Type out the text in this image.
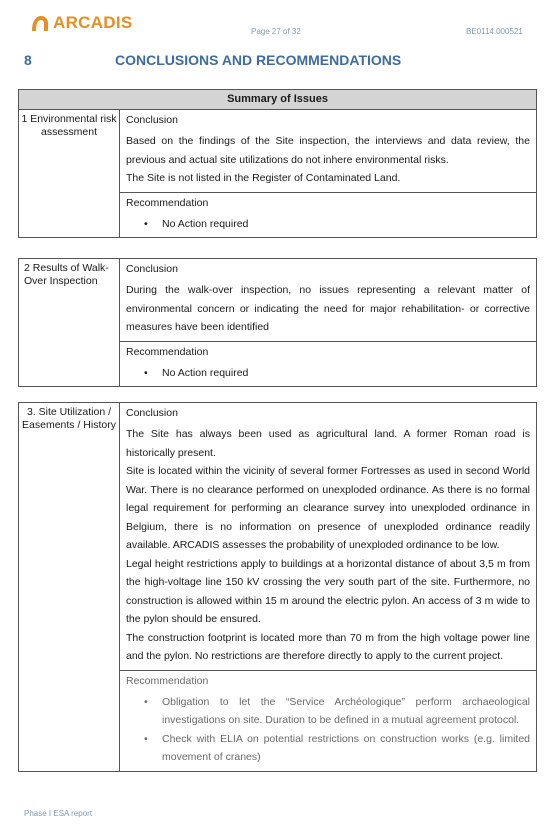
ARCADIS	Page 27 of 32	BE0114.000521
8	CONCLUSIONS AND RECOMMENDATIONS
Summary of Issues
1 Environmental risk assessment
Conclusion
Based on the findings of the Site inspection, the interviews and data review, the previous and actual site utilizations do not inhere environmental risks.
The Site is not listed in the Register of Contaminated Land.
Recommendation
• No Action required
2 Results of Walk-Over Inspection
Conclusion
During the walk-over inspection, no issues representing a relevant matter of environmental concern or indicating the need for major rehabilitation- or corrective measures have been identified
Recommendation
• No Action required
3. Site Utilization / Easements / History
Conclusion
The Site has always been used as agricultural land. A former Roman road is historically present.
Site is located within the vicinity of several former Fortresses as used in second World War. There is no clearance performed on unexploded ordinance. As there is no formal legal requirement for performing an clearance survey into unexploded ordinance in Belgium, there is no information on presence of unexploded ordinance readily available. ARCADIS assesses the probability of unexploded ordinance to be low.
Legal height restrictions apply to buildings at a horizontal distance of about 3,5 m from the high-voltage line 150 kV crossing the very south part of the site. Furthermore, no construction is allowed within 15 m around the electric pylon. An access of 3 m wide to the pylon should be ensured.
The construction footprint is located more than 70 m from the high voltage power line and the pylon. No restrictions are therefore directly to apply to the current project.
Recommendation
• Obligation to let the “Service Archéologique” perform archaeological investigations on site. Duration to be defined in a mutual agreement protocol.
• Check with ELIA on potential restrictions on construction works (e.g. limited movement of cranes)
Phase I ESA report
